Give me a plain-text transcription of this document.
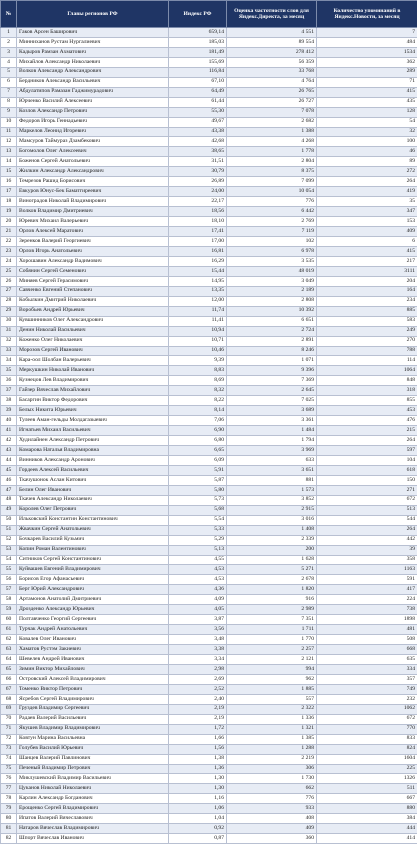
№	Главы регионов РФ	Индекс РФ	Оценка частотности слов для Яндекс.Директа, за месяц	Количество упоминаний в Яндекс.Новости, за месяц
1	Гаков Арсен Баширович	659,14	4 551	7
2	Минниханов Рустам Нургалиевич	185,03	89 554	484
3	Кадыров Рамзан Ахматович	181,49	278 412	1534
4	Михайлов Александр Николаевич	155,69	56 359	362
5	Волков Александр Александрович	116,84	33 768	289
6	Бердников Александр Васильевич	67,10	4 764	71
7	Абдулатипов Рамазан Гаджимурадович	64,49	26 765	415
8	Юрченко Василий Алексеевич	61,44	26 727	435
9	Козлов Александр Петрович	55,30	7 078	128
10	Федоров Игорь Геннадьевич	49,67	2 682	54
11	Маркелов Леонид Игоревич	43,38	1 388	32
12	Мамсуров Таймураз Дзамбекович	42,68	4 268	100
13	Богомолов Олег Алексеевич	38,65	1 778	46
14	Боженов Сергей Анатольевич	31,51	2 804	89
15	Жилкин Александр Александрович	30,79	8 375	272
16	Темрезов Рашид Борисович	26,89	7 099	264
17	Евкуров Юнус-Бек Баматгиреевич	24,00	10 054	419
18	Виноградов Николай Владимирович	22,17	776	35
19	Волков Владимир Дмитриевич	18,56	6 442	347
20	Юревич Михаил Валерьевич	18,10	2 769	153
21	Орлов Алексей Маратович	17,41	7 119	409
22	Зеренков Валерий Георгиевич	17,00	102	6
23	Орлов Игорь Анатольевич	16,81	6 978	415
24	Хорошавин Александр Вадимович	16,29	3 535	217
25	Собянин Сергей Семенович	15,44	48 019	3111
26	Миняев Сергей Герасимович	14,95	3 049	204
27	Савченко Евгений Степанович	13,35	2 189	164
28	Кобылкин Дмитрий Николаевич	12,00	2 808	234
29	Воробьев Андрей Юрьевич	11,74	10 392	885
30	Кувшинников Олег Александрович	11,41	6 651	583
31	Денин Николай Васильевич	10,94	2 724	249
32	Коженко Олег Николаевич	10,71	2 891	270
33	Морозов Сергей Иванович	10,46	8 246	788
34	Кара-оол Шолбан Валерьевич	9,39	1 071	114
35	Меркушкин Николай Иванович	8,83	9 396	1064
36	Кузнецов Лев Владимирович	8,69	7 369	848
37	Гайзер Вячеслав Михайлович	8,32	2 645	318
38	Басаргин Виктор Федорович	8,22	7 025	855
39	Белых Никита Юрьевич	8,14	3 689	453
40	Тулеев Аман-гельды Молдагазыевич	7,06	3 361	476
41	Игнатьев Михаил Васильевич	6,90	1 484	215
42	Худилайнен Александр Петрович	6,80	1 794	264
43	Комарова Наталья Владимировна	6,65	3 969	597
44	Винников Александр Аронович	6,09	633	104
45	Гордеев Алексей Васильевич	5,91	3 651	618
46	Ткачушонок Аслан Китович	5,87	881	150
47	Белин Олег Иванович	5,80	1 573	271
48	Ткачев Александр Николаевич	5,73	3 852	672
49	Королев Олег Петрович	5,68	2 915	513
50	Ильковский Константин Константинович	5,54	3 016	544
51	Жвачкин Сергей Анатольевич	5,33	1 408	264
52	Бочкарев Василий Кузьмич	5,29	2 339	442
53	Копин Роман Валентинович	5,13	200	39
54	Ситников Сергей Константинович	4,55	1 628	358
55	Куйвашев Евгений Владимирович	4,53	5 271	1163
56	Борисов Егор Афанасьевич	4,53	2 678	591
57	Берг Юрий Александрович	4,36	1 820	417
58	Артамонов Анатолий Дмитриевич	4,09	916	224
59	Дрозденко Александр Юрьевич	4,05	2 989	738
60	Полтавченко Георгий Сергеевич	3,87	7 351	1898
61	Турчак Андрей Анатольевич	3,56	1 711	481
62	Ковалев Олег Иванович	3,48	1 770	508
63	Хаматов Рустэм Закиевич	3,38	2 257	668
64	Шевелев Андрей Иванович	3,34	2 121	635
65	Зимин Виктор Михайлович	2,98	994	334
66	Островский Алексей Владимирович	2,69	962	357
67	Томенко Виктор Петрович	2,52	1 885	749
68	Ясребов Сергей Владимирович	2,40	557	232
69	Груздев Владимир Сергеевич	2,19	2 322	1062
70	Радаев Валерий Васильевич	2,19	1 336	672
71	Якушев Владимир Владимирович	1,72	1 321	770
72	Ковтун Марина Васильевна	1,66	1 385	833
73	Голубев Василий Юрьевич	1,56	1 288	824
74	Шанцев Валерий Павлинович	1,38	2 219	1604
75	Печеный Владимир Петрович	1,36	306	225
76	Миклушевский Владимир Васильевич	1,30	1 730	1326
77	Цуканов Николай Николаевич	1,30	662	511
78	Карлин Александр Богданович	1,16	776	667
79	Ерощенко Сергей Владимирович	1,06	933	880
80	Ипатов Валерий Вячеславович	1,04	408	384
81	Натаров Вячеслав Владимирович	0,92	409	444
82	Шпорт Вячеслав Иванович	0,87	360	414
